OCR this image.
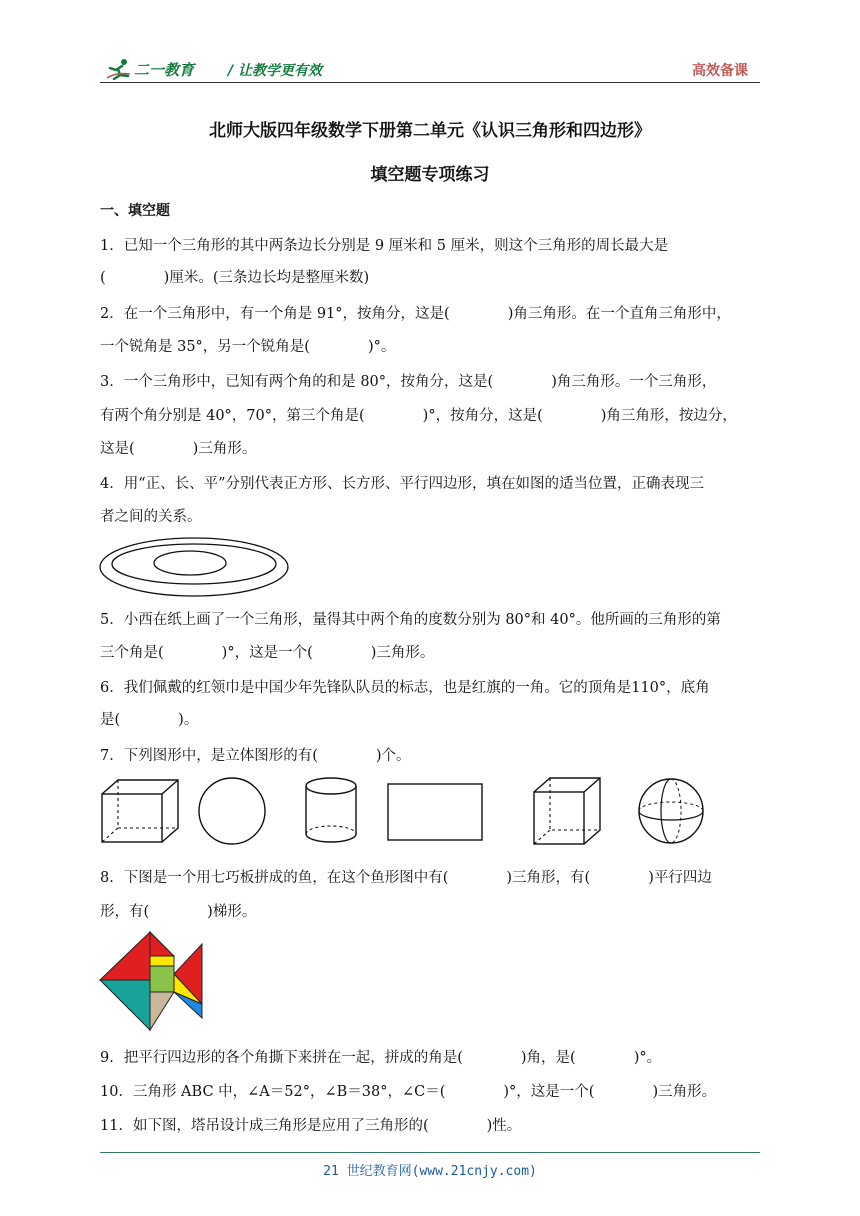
二一教育 / 让教学更有效	高效备课
北师大版四年级数学下册第二单元《认识三角形和四边形》
填空题专项练习
一、填空题
1．已知一个三角形的其中两条边长分别是 9 厘米和 5 厘米，则这个三角形的周长最大是
(　　　　)厘米。(三条边长均是整厘米数)
2．在一个三角形中，有一个角是 91°，按角分，这是(　　　　)角三角形。在一个直角三角形中，
一个锐角是 35°，另一个锐角是(　　　　)°。
3．一个三角形中，已知有两个角的和是 80°，按角分，这是(　　　　)角三角形。一个三角形，
有两个角分别是 40°，70°，第三个角是(　　　　)°，按角分，这是(　　　　)角三角形，按边分，
这是(　　　　)三角形。
4．用“正、长、平”分别代表正方形、长方形、平行四边形，填在如图的适当位置，正确表现三
者之间的关系。
5．小西在纸上画了一个三角形，量得其中两个角的度数分别为 80°和 40°。他所画的三角形的第
三个角是(　　　　)°，这是一个(　　　　)三角形。
6．我们佩戴的红领巾是中国少年先锋队队员的标志，也是红旗的一角。它的顶角是110°，底角
是(　　　　)。
7．下列图形中，是立体图形的有(　　　　)个。
8．下图是一个用七巧板拼成的鱼，在这个鱼形图中有(　　　　)三角形，有(　　　　)平行四边
形，有(　　　　)梯形。
9．把平行四边形的各个角撕下来拼在一起，拼成的角是(　　　　)角，是(　　　　)°。
10．三角形 ABC 中，∠A＝52°，∠B＝38°，∠C＝(　　　　)°，这是一个(　　　　)三角形。
11．如下图，塔吊设计成三角形是应用了三角形的(　　　　)性。
21 世纪教育网(www.21cnjy.com)
